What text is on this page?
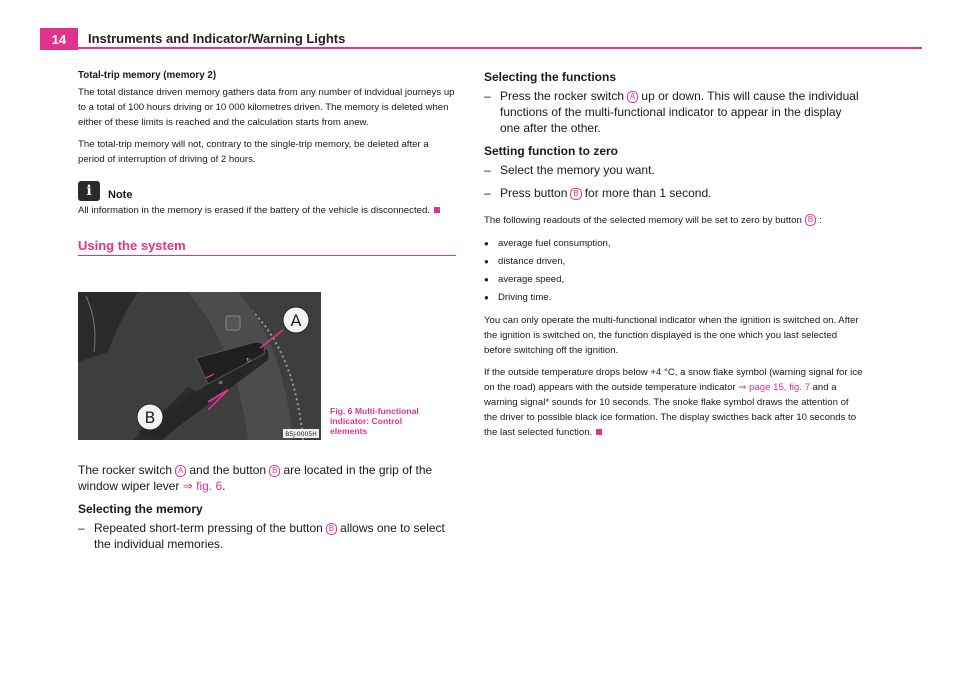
14	Instruments and Indicator/Warning Lights

Total-trip memory (memory 2)

The total distance driven memory gathers data from any number of indvidual journeys up to a total of 100 hours driving or 10 000 kilometres driven. The memory is deleted when either of these limits is reached and the calculation starts from anew.

The total-trip memory will not, contrary to the single-trip memory, be deleted after a period of interruption of driving of 2 hours.

i	Note

All information in the memory is erased if the battery of the vehicle is disconnected.

Using the system
≡
↻
A
B
B5J-0005H
Fig. 6 Multi-functional indicator: Control elements

The rocker switch A and the button B are located in the grip of the window wiper lever ⇒ fig. 6.

Selecting the memory

– Repeated short-term pressing of the button B allows one to select the individual memories.

Selecting the functions

– Press the rocker switch A up or down. This will cause the individual functions of the multi-functional indicator to appear in the display one after the other.

Setting function to zero

– Select the memory you want.
– Press button B for more than 1 second.

The following readouts of the selected memory will be set to zero by button B :

● average fuel consumption,
● distance driven,
● average speed,
● Driving time.

You can only operate the multi-functional indicator when the ignition is switched on. After the ignition is switched on, the function displayed is the one which you last selected before switching off the ignition.

If the outside temperature drops below +4 °C, a snow flake symbol (warning signal for ice on the road) appears with the outside temperature indicator ⇒ page 15, fig. 7 and a warning signal* sounds for 10 seconds. The snoke flake symbol draws the attention of the driver to possible black ice formation. The display swicthes back after 10 seconds to the last selected function.
